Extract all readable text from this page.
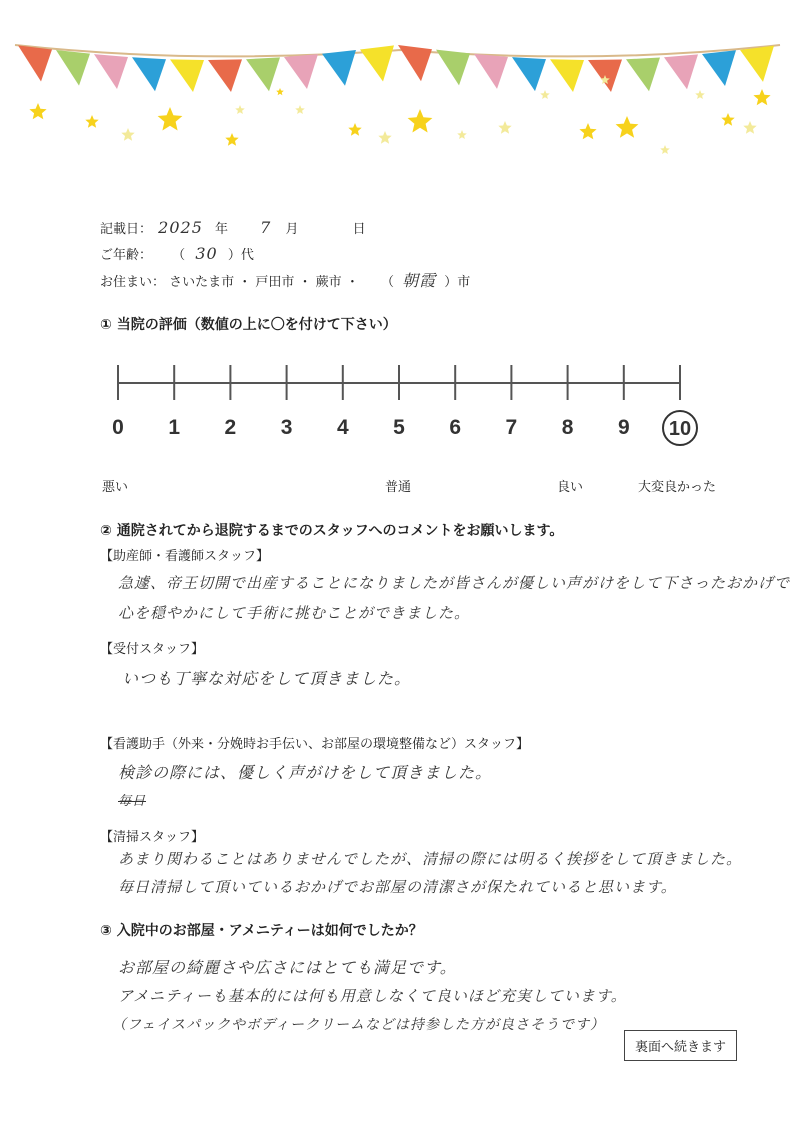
記載日： 2025 年 7 月	日
ご年齢： （ 30 ）代
お住まい： さいたま市 ・ 戸田市 ・ 蕨市 ・ （ 朝霞 ）市
① 当院の評価（数値の上に〇を付けて下さい）
0	1	2	3	4	5	6	7	8	9	10
悪い	普通	良い	大変良かった
② 通院されてから退院するまでのスタッフへのコメントをお願いします。
【助産師・看護師スタッフ】
急遽、帝王切開で出産することになりましたが皆さんが優しい声がけをして下さったおかげで
心を穏やかにして手術に挑むことができました。
【受付スタッフ】
いつも丁寧な対応をして頂きました。
【看護助手（外来・分娩時お手伝い、お部屋の環境整備など）スタッフ】
検診の際には、優しく声がけをして頂きました。
毎日
【清掃スタッフ】
あまり関わることはありませんでしたが、清掃の際には明るく挨拶をして頂きました。
毎日清掃して頂いているおかげでお部屋の清潔さが保たれていると思います。
③ 入院中のお部屋・アメニティーは如何でしたか？
お部屋の綺麗さや広さにはとても満足です。
アメニティーも基本的には何も用意しなくて良いほど充実しています。
（フェイスパックやボディークリームなどは持参した方が良さそうです）
裏面へ続きます
